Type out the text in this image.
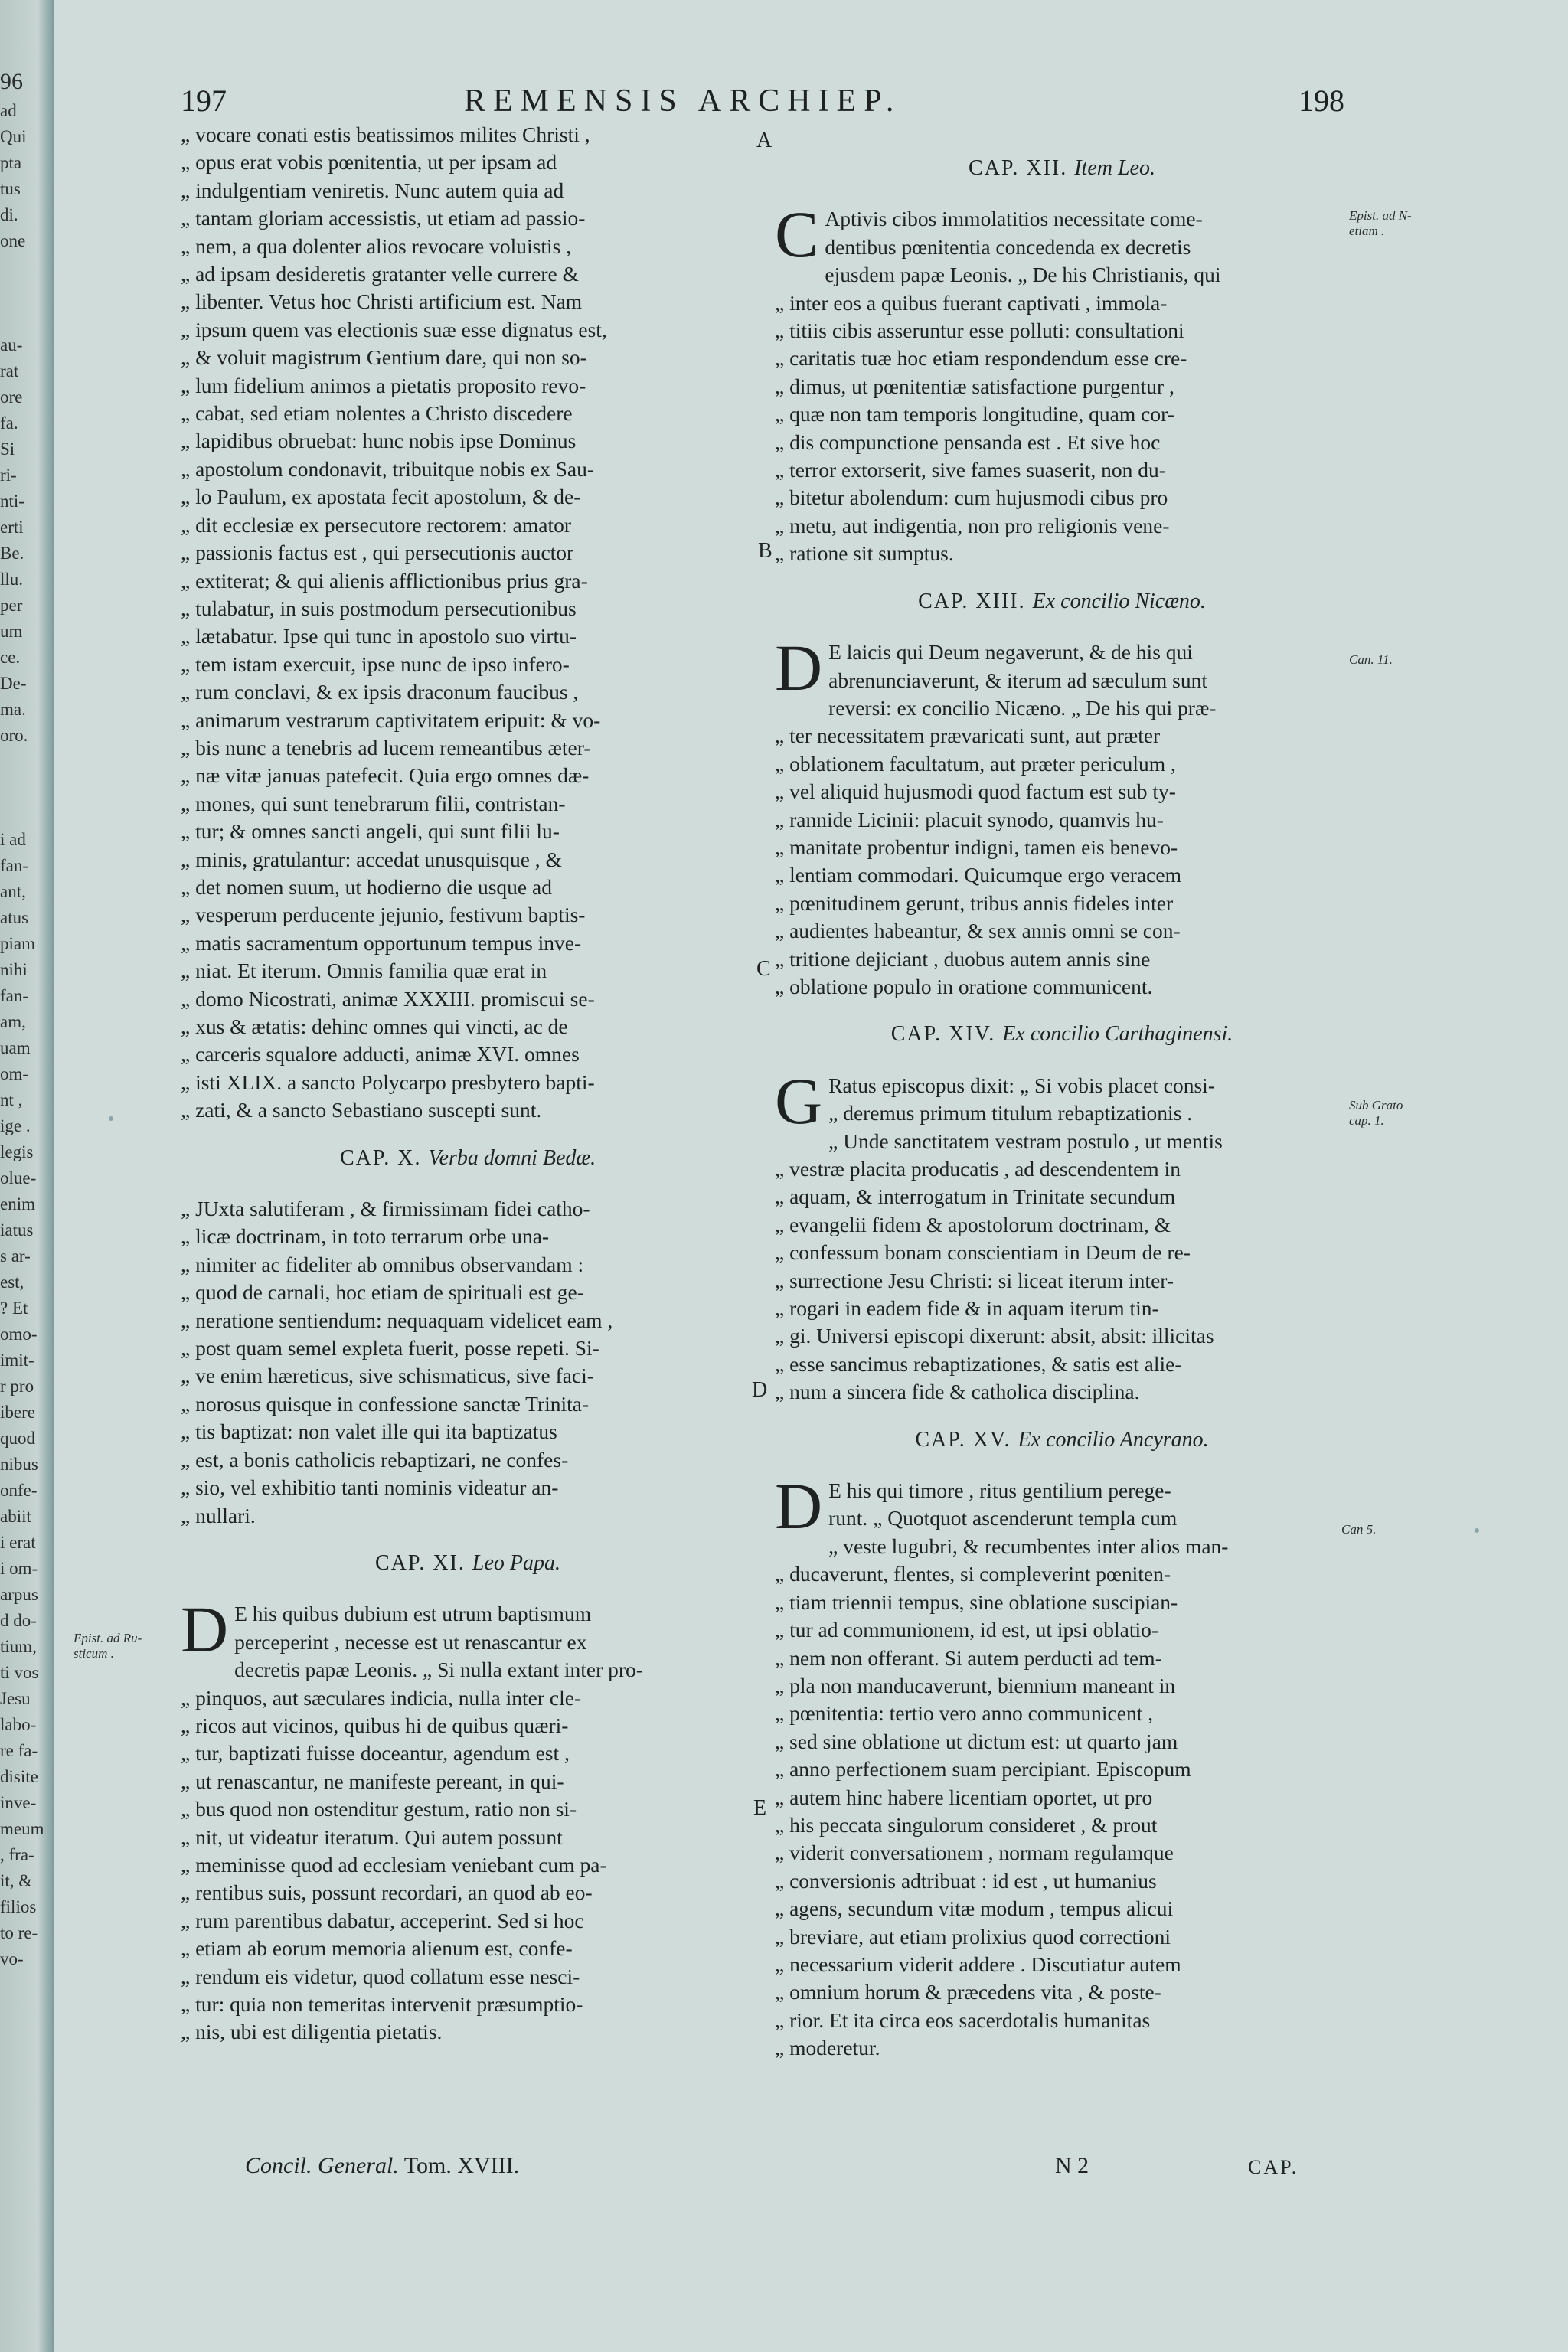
96
ad
Qui
pta
tus
di.
one

au-
rat
ore
fa.
Si
ri-
nti-
erti
Be.
llu.
per
um
ce.
De-
ma.
oro.

i ad
fan-
ant,
atus
piam
nihi
fan-
am,
uam
om-
nt ,
ige .
legis
olue-
enim
iatus
s ar-
est,
? Et
omo-
imit-
r pro
ibere
quod
nibus
onfe-
abiit
i erat
i om-
arpus
d do-
tium,
ti vos
Jesu
labo-
re fa-
disite
inve-
meum
, fra-
it, &
filios
to re-
vo-
197	REMENSIS ARCHIEP.	198

„ vocare conati estis beatissimos milites Christi ,

„ opus erat vobis pœnitentia, ut per ipsam ad

„ indulgentiam veniretis. Nunc autem quia ad

„ tantam gloriam accessistis, ut etiam ad passio-

„ nem, a qua dolenter alios revocare voluistis ,

„ ad ipsam desideretis gratanter velle currere &

„ libenter. Vetus hoc Christi artificium est. Nam

„ ipsum quem vas electionis suæ esse dignatus est,

„ & voluit magistrum Gentium dare, qui non so-

„ lum fidelium animos a pietatis proposito revo-

„ cabat, sed etiam nolentes a Christo discedere

„ lapidibus obruebat: hunc nobis ipse Dominus

„ apostolum condonavit, tribuitque nobis ex Sau-

„ lo Paulum, ex apostata fecit apostolum, & de-

„ dit ecclesiæ ex persecutore rectorem: amator

„ passionis factus est , qui persecutionis auctor

„ extiterat; & qui alienis afflictionibus prius gra-

„ tulabatur, in suis postmodum persecutionibus

„ lætabatur. Ipse qui tunc in apostolo suo virtu-

„ tem istam exercuit, ipse nunc de ipso infero-

„ rum conclavi, & ex ipsis draconum faucibus ,

„ animarum vestrarum captivitatem eripuit: & vo-

„ bis nunc a tenebris ad lucem remeantibus æter-

„ næ vitæ januas patefecit. Quia ergo omnes dæ-

„ mones, qui sunt tenebrarum filii, contristan-

„ tur; & omnes sancti angeli, qui sunt filii lu-

„ minis, gratulantur: accedat unusquisque , &

„ det nomen suum, ut hodierno die usque ad

„ vesperum perducente jejunio, festivum baptis-

„ matis sacramentum opportunum tempus inve-

„ niat. Et iterum. Omnis familia quæ erat in

„ domo Nicostrati, animæ XXXIII. promiscui se-

„ xus & ætatis: dehinc omnes qui vincti, ac de

„ carceris squalore adducti, animæ XVI. omnes

„ isti XLIX. a sancto Polycarpo presbytero bapti-

„ zati, & a sancto Sebastiano suscepti sunt.

CAP. X. Verba domni Bedæ.

„ JUxta salutiferam , & firmissimam fidei catho-

„ licæ doctrinam, in toto terrarum orbe una-

„ nimiter ac fideliter ab omnibus observandam :

„ quod de carnali, hoc etiam de spirituali est ge-

„ neratione sentiendum: nequaquam videlicet eam ,

„ post quam semel expleta fuerit, posse repeti. Si-

„ ve enim hæreticus, sive schismaticus, sive faci-

„ norosus quisque in confessione sanctæ Trinita-

„ tis baptizat: non valet ille qui ita baptizatus

„ est, a bonis catholicis rebaptizari, ne confes-

„ sio, vel exhibitio tanti nominis videatur an-

„ nullari.

CAP. XI. Leo Papa.
D E his quibus dubium est utrum baptismum

perceperint , necesse est ut renascantur ex

decretis papæ Leonis. „ Si nulla extant inter pro-

„ pinquos, aut sæculares indicia, nulla inter cle-

„ ricos aut vicinos, quibus hi de quibus quæri-

„ tur, baptizati fuisse doceantur, agendum est ,

„ ut renascantur, ne manifeste pereant, in qui-

„ bus quod non ostenditur gestum, ratio non si-

„ nit, ut videatur iteratum. Qui autem possunt

„ meminisse quod ad ecclesiam veniebant cum pa-

„ rentibus suis, possunt recordari, an quod ab eo-

„ rum parentibus dabatur, acceperint. Sed si hoc

„ etiam ab eorum memoria alienum est, confe-

„ rendum eis videtur, quod collatum esse nesci-

„ tur: quia non temeritas intervenit præsumptio-

„ nis, ubi est diligentia pietatis.

CAP. XII. Item Leo.
C Aptivis cibos immolatitios necessitate come-

dentibus pœnitentia concedenda ex decretis

ejusdem papæ Leonis. „ De his Christianis, qui

„ inter eos a quibus fuerant captivati , immola-

„ titiis cibis asseruntur esse polluti: consultationi

„ caritatis tuæ hoc etiam respondendum esse cre-

„ dimus, ut pœnitentiæ satisfactione purgentur ,

„ quæ non tam temporis longitudine, quam cor-

„ dis compunctione pensanda est . Et sive hoc

„ terror extorserit, sive fames suaserit, non du-

„ bitetur abolendum: cum hujusmodi cibus pro

„ metu, aut indigentia, non pro religionis vene-

„ ratione sit sumptus.

CAP. XIII. Ex concilio Nicæno.
D E laicis qui Deum negaverunt, & de his qui

abrenunciaverunt, & iterum ad sæculum sunt

reversi: ex concilio Nicæno. „ De his qui præ-

„ ter necessitatem prævaricati sunt, aut præter

„ oblationem facultatum, aut præter periculum ,

„ vel aliquid hujusmodi quod factum est sub ty-

„ rannide Licinii: placuit synodo, quamvis hu-

„ manitate probentur indigni, tamen eis benevo-

„ lentiam commodari. Quicumque ergo veracem

„ pœnitudinem gerunt, tribus annis fideles inter

„ audientes habeantur, & sex annis omni se con-

„ tritione dejiciant , duobus autem annis sine

„ oblatione populo in oratione communicent.

CAP. XIV. Ex concilio Carthaginensi.
G Ratus episcopus dixit: „ Si vobis placet consi-

„ deremus primum titulum rebaptizationis .

„ Unde sanctitatem vestram postulo , ut mentis

„ vestræ placita producatis , ad descendentem in

„ aquam, & interrogatum in Trinitate secundum

„ evangelii fidem & apostolorum doctrinam, &

„ confessum bonam conscientiam in Deum de re-

„ surrectione Jesu Christi: si liceat iterum inter-

„ rogari in eadem fide & in aquam iterum tin-

„ gi. Universi episcopi dixerunt: absit, absit: illicitas

„ esse sancimus rebaptizationes, & satis est alie-

„ num a sincera fide & catholica disciplina.

CAP. XV. Ex concilio Ancyrano.
D E his qui timore , ritus gentilium perege-

runt. „ Quotquot ascenderunt templa cum

„ veste lugubri, & recumbentes inter alios man-

„ ducaverunt, flentes, si compleverint pœniten-

„ tiam triennii tempus, sine oblatione suscipian-

„ tur ad communionem, id est, ut ipsi oblatio-

„ nem non offerant. Si autem perducti ad tem-

„ pla non manducaverunt, biennium maneant in

„ pœnitentia: tertio vero anno communicent ,

„ sed sine oblatione ut dictum est: ut quarto jam

„ anno perfectionem suam percipiant. Episcopum

„ autem hinc habere licentiam oportet, ut pro

„ his peccata singulorum consideret , & prout

„ viderit conversationem , normam regulamque

„ conversionis adtribuat : id est , ut humanius

„ agens, secundum vitæ modum , tempus alicui

„ breviare, aut etiam prolixius quod correctioni

„ necessarium viderit addere . Discutiatur autem

„ omnium horum & præcedens vita , & poste-

„ rior. Et ita circa eos sacerdotalis humanitas

„ moderetur.

Epist. ad Ru-
sticum .
Epist. ad N-
etiam .
Can. 11.
Sub Grato
cap. 1.
Can 5.
A
B
C
D
E
Concil. General. Tom. XVIII.	N 2	CAP.
